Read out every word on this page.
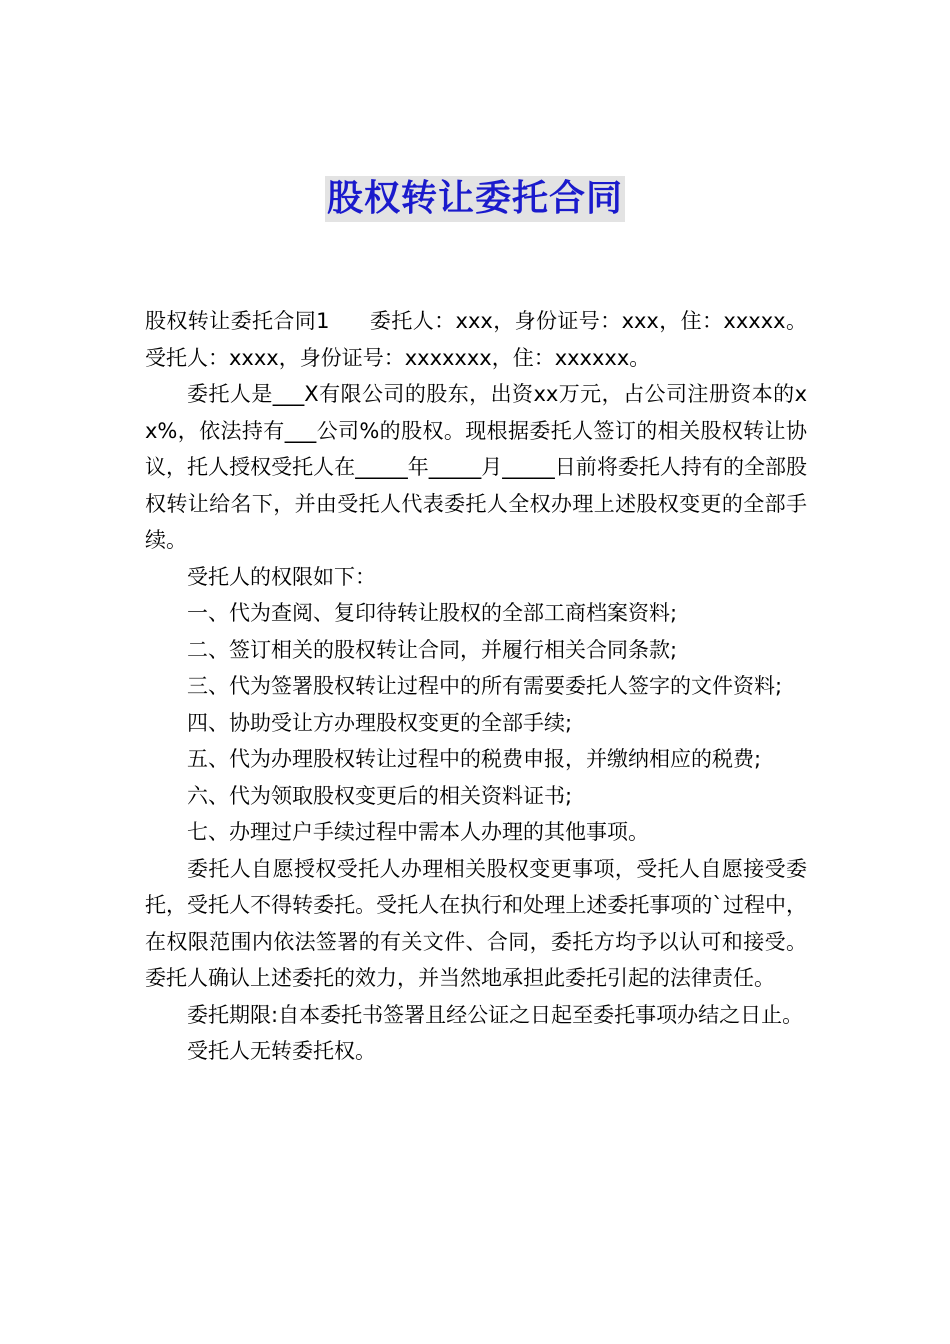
股权转让委托合同

股权转让委托合同1 委托人：xxx，身份证号：xxx，住：xxxxx。受托人：xxxx，身份证号：xxxxxxx，住：xxxxxx。

委托人是___X有限公司的股东，出资xx万元，占公司注册资本的xx%，依法持有___公司%的股权。现根据委托人签订的相关股权转让协议，托人授权受托人在_____年_____月_____日前将委托人持有的全部股权转让给名下，并由受托人代表委托人全权办理上述股权变更的全部手续。

受托人的权限如下：

一、代为查阅、复印待转让股权的全部工商档案资料;

二、签订相关的股权转让合同，并履行相关合同条款;

三、代为签署股权转让过程中的所有需要委托人签字的文件资料;

四、协助受让方办理股权变更的全部手续;

五、代为办理股权转让过程中的税费申报，并缴纳相应的税费;

六、代为领取股权变更后的相关资料证书;

七、办理过户手续过程中需本人办理的其他事项。

委托人自愿授权受托人办理相关股权变更事项，受托人自愿接受委托，受托人不得转委托。受托人在执行和处理上述委托事项的`过程中，在权限范围内依法签署的有关文件、合同，委托方均予以认可和接受。委托人确认上述委托的效力，并当然地承担此委托引起的法律责任。

委托期限:自本委托书签署且经公证之日起至委托事项办结之日止。

受托人无转委托权。
